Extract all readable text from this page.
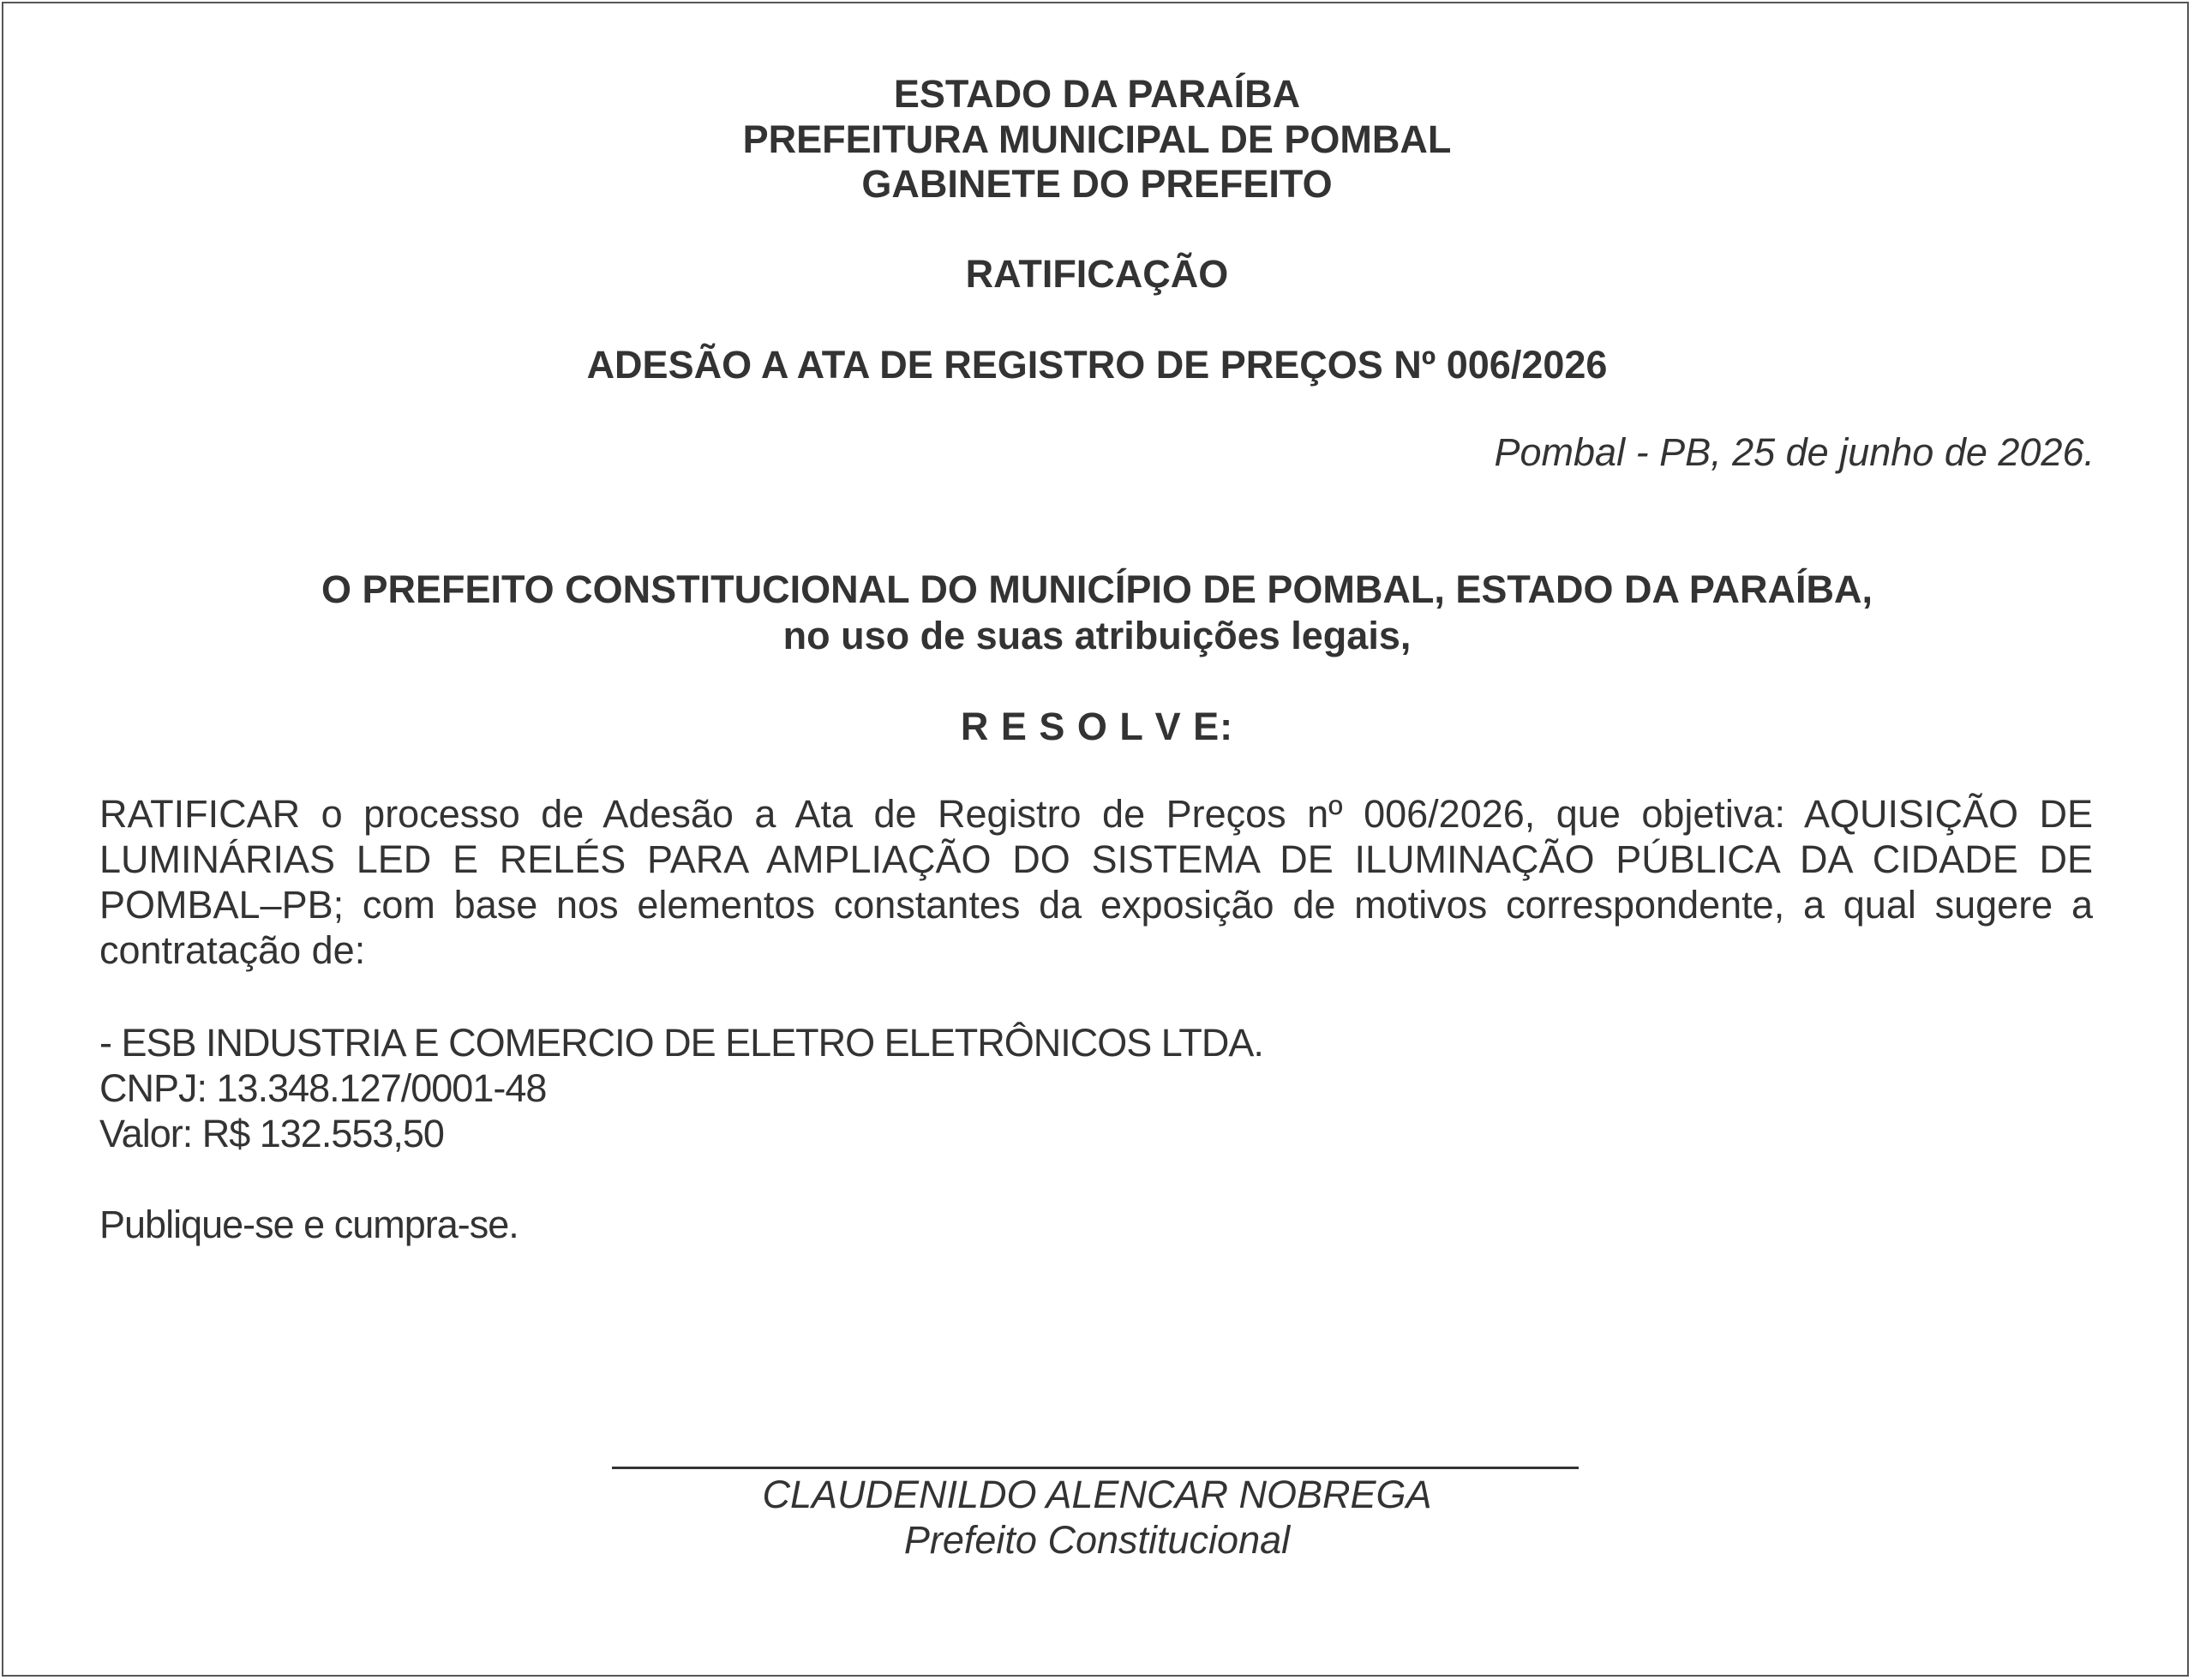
ESTADO DA PARAÍBA
PREFEITURA MUNICIPAL DE POMBAL
GABINETE DO PREFEITO
RATIFICAÇÃO
ADESÃO A ATA DE REGISTRO DE PREÇOS Nº 006/2026
Pombal - PB, 25 de junho de 2026.
O PREFEITO CONSTITUCIONAL DO MUNICÍPIO DE POMBAL, ESTADO DA PARAÍBA,
no uso de suas atribuições legais,
R E S O L V E:
RATIFICAR o processo de Adesão a Ata de Registro de Preços nº 006/2026, que objetiva: AQUISIÇÃO DE
LUMINÁRIAS LED E RELÉS PARA AMPLIAÇÃO DO SISTEMA DE ILUMINAÇÃO PÚBLICA DA CIDADE DE
POMBAL–PB; com base nos elementos constantes da exposição de motivos correspondente, a qual sugere a
contratação de:
- ESB INDUSTRIA E COMERCIO DE ELETRO ELETRÔNICOS LTDA.
CNPJ: 13.348.127/0001-48
Valor: R$ 132.553,50
Publique-se e cumpra-se.
CLAUDENILDO ALENCAR NOBREGA
Prefeito Constitucional
